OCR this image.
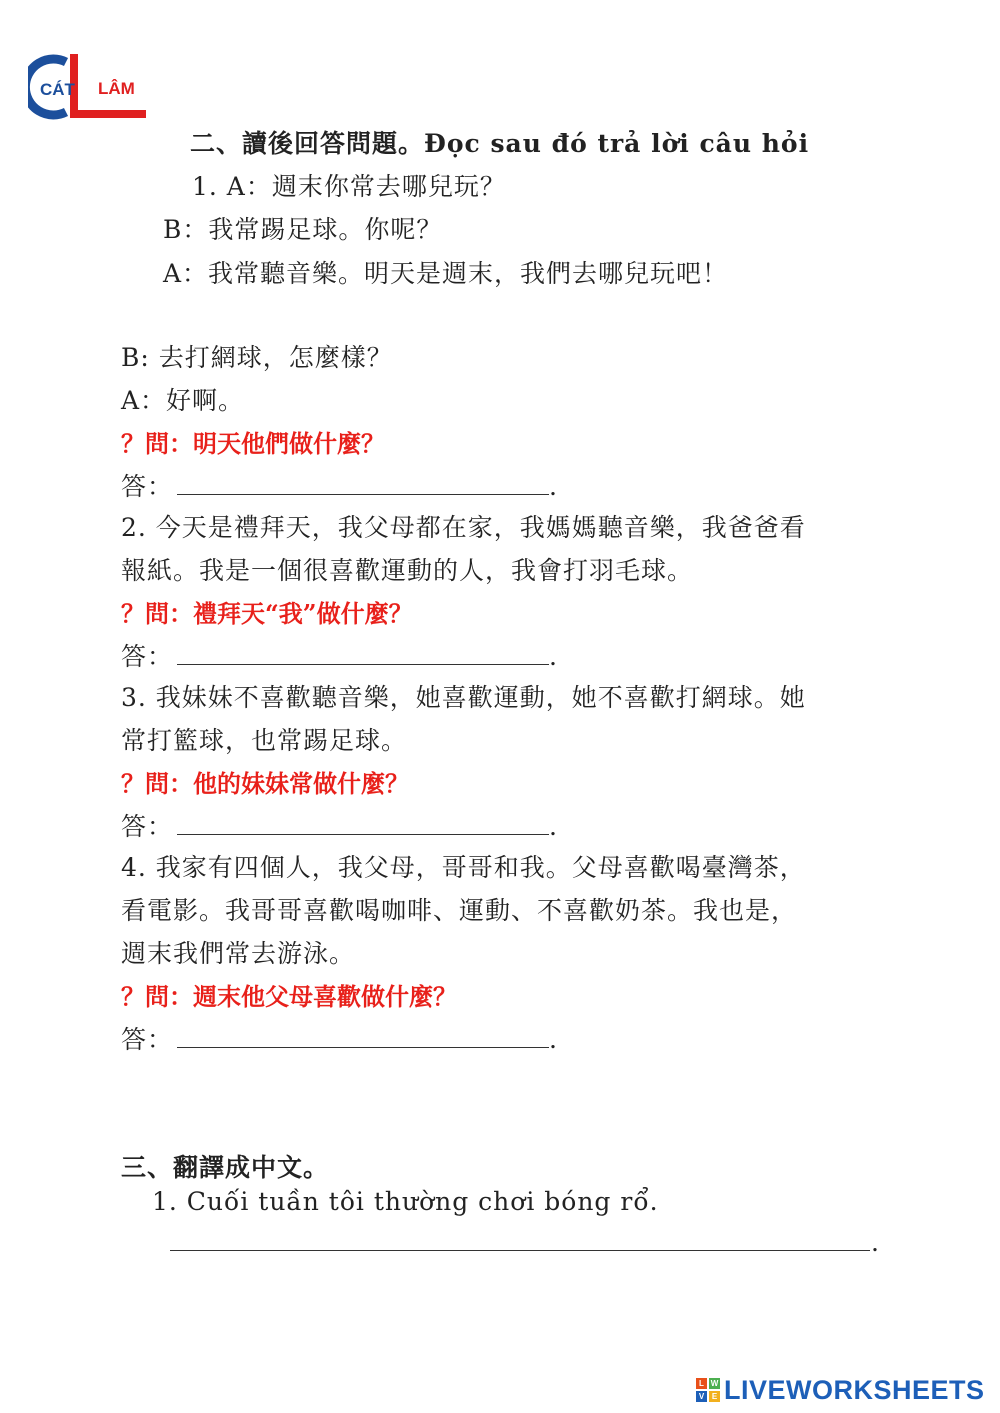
CÁT LÂM
二、讀後回答問題。Đọc sau đó trả lời câu hỏi
1. A：週末你常去哪兒玩？
B：我常踢足球。你呢？
A：我常聽音樂。明天是週末，我們去哪兒玩吧！
B: 去打網球，怎麼樣？
A：好啊。
？問：明天他們做什麼？
答：	.
2. 今天是禮拜天，我父母都在家，我媽媽聽音樂，我爸爸看
報紙。我是一個很喜歡運動的人，我會打羽毛球。
？問：禮拜天“我”做什麼？
答：	.
3. 我妹妹不喜歡聽音樂，她喜歡運動，她不喜歡打網球。她
常打籃球，也常踢足球。
？問：他的妹妹常做什麼？
答：	.
4. 我家有四個人，我父母，哥哥和我。父母喜歡喝臺灣茶，
看電影。我哥哥喜歡喝咖啡、運動、不喜歡奶茶。我也是，
週末我們常去游泳。
？問：週末他父母喜歡做什麼？
答：	.
三、翻譯成中文。
1. Cuối tuần tôi thường chơi bóng rổ.
.
L W
V E LIVEWORKSHEETS
